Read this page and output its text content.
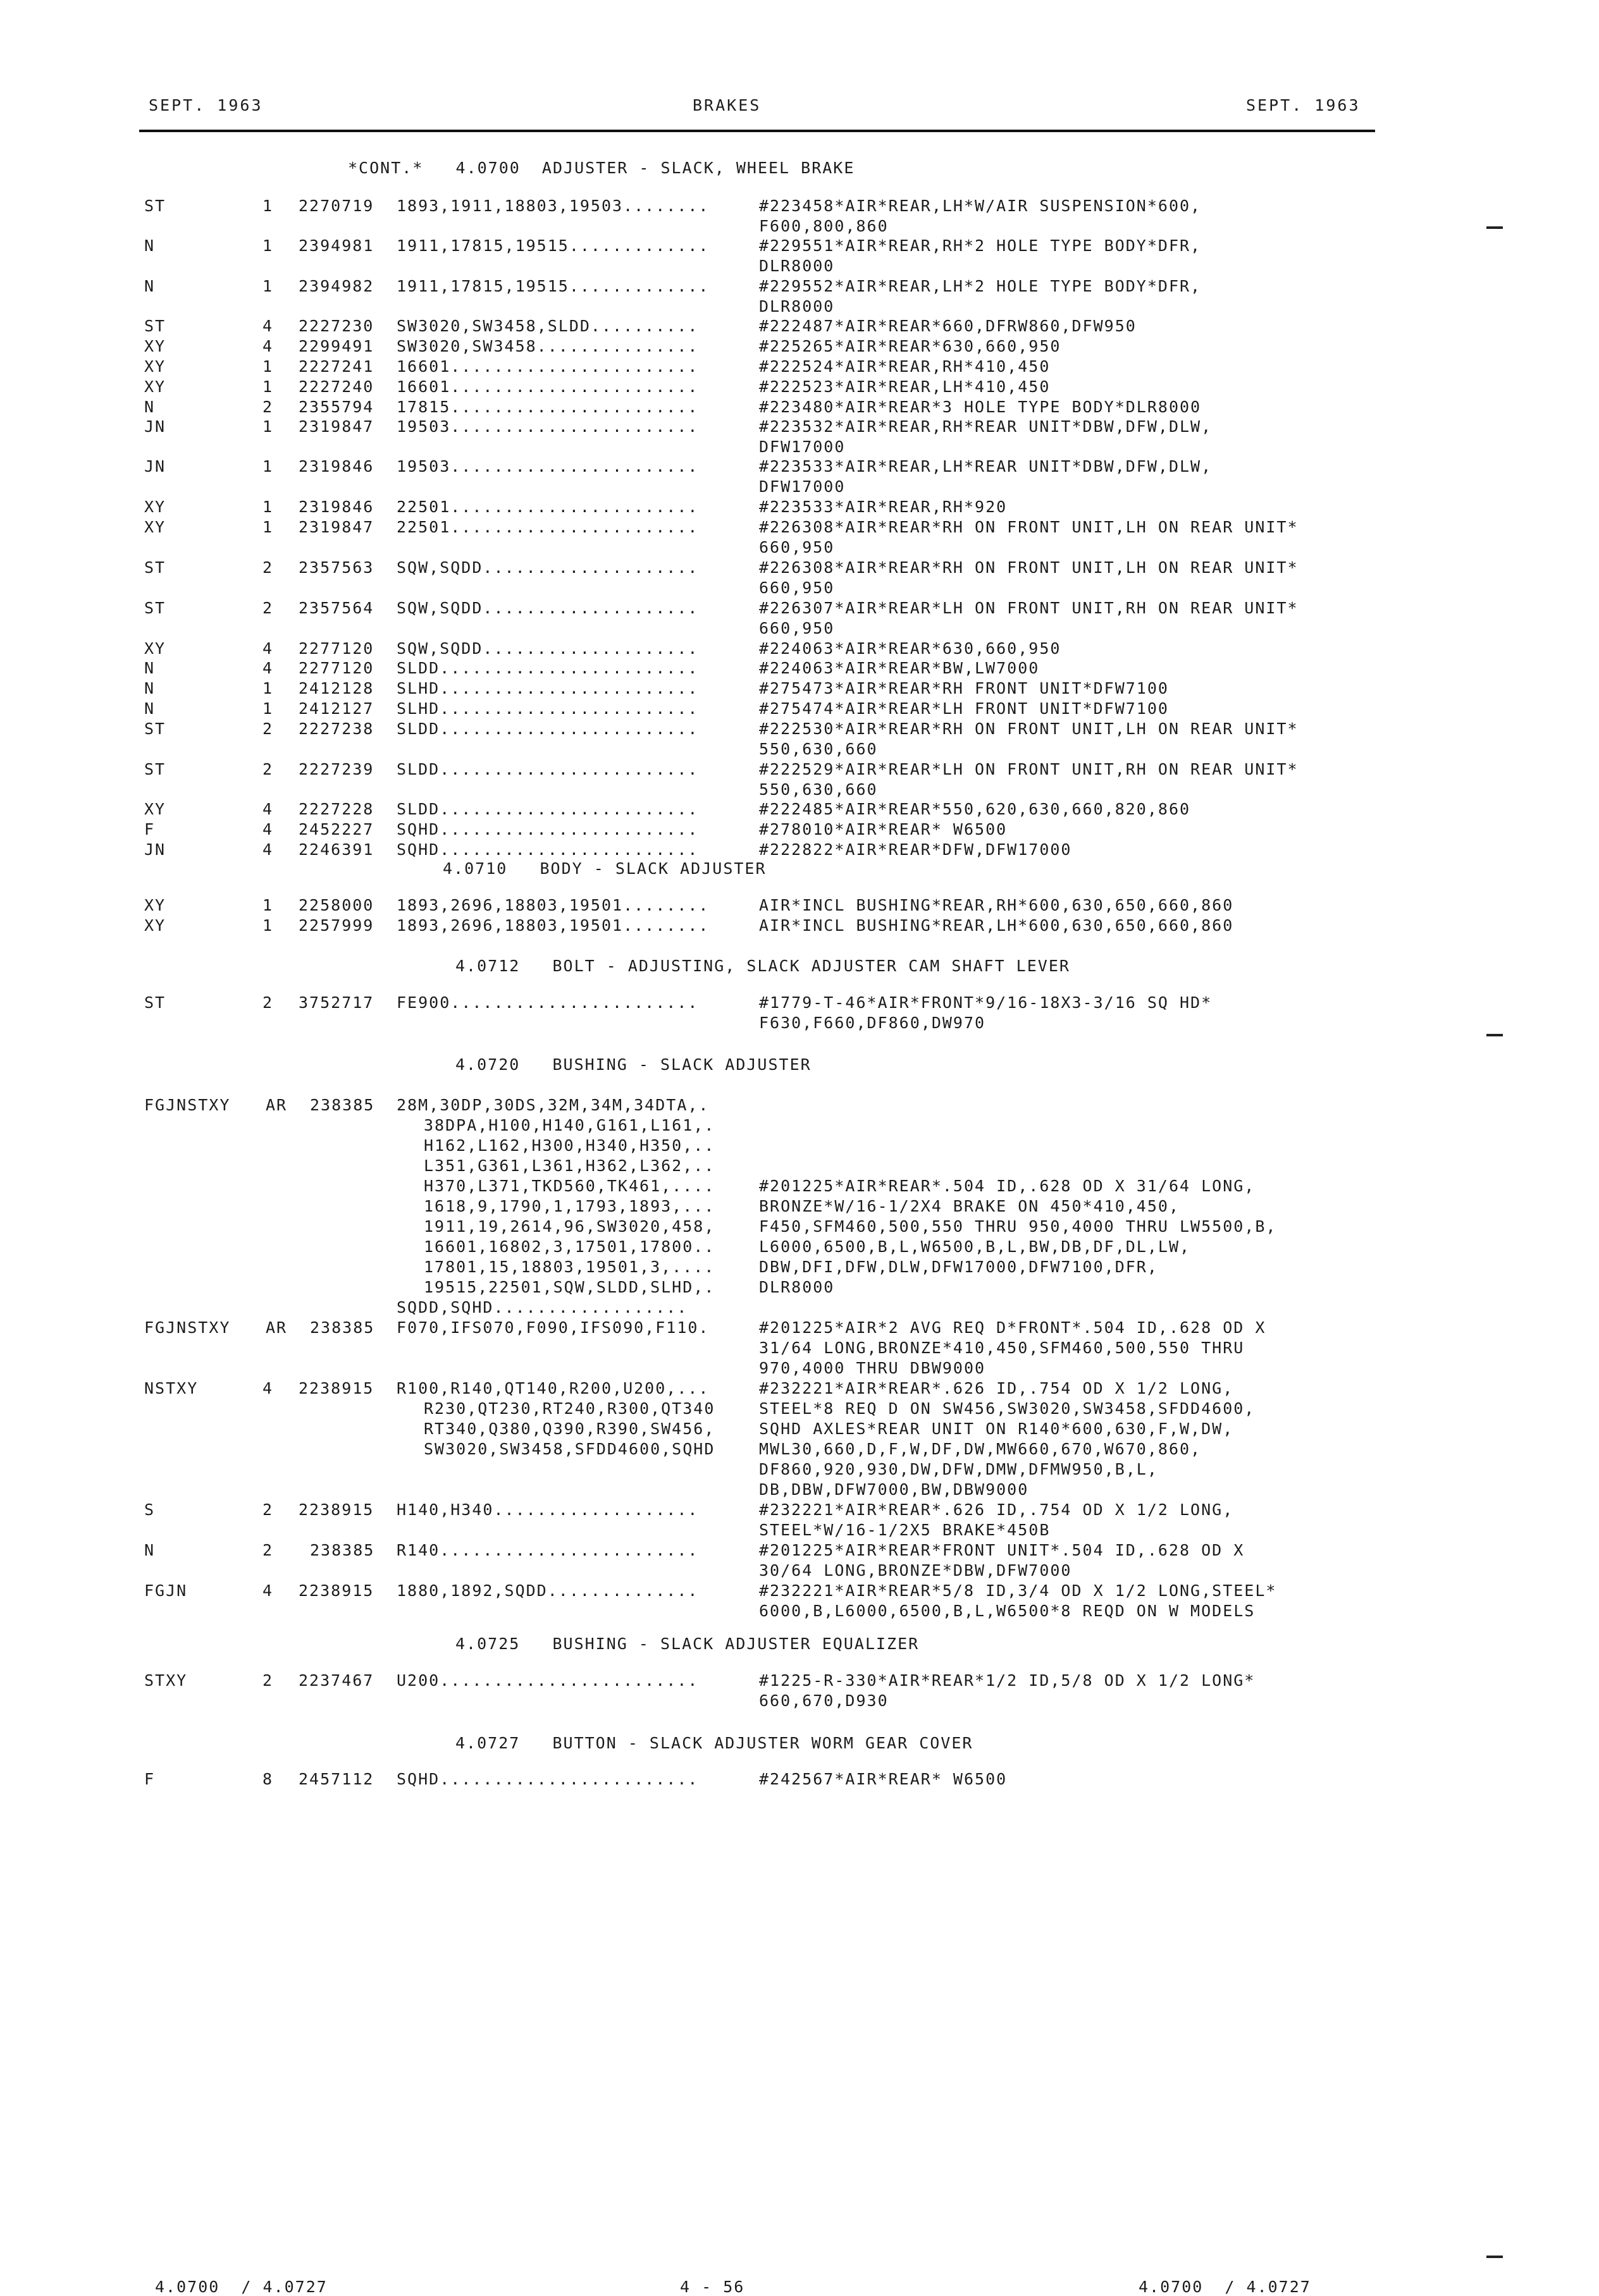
SEPT. 1963	BRAKES	SEPT. 1963
*CONT.*   4.0700  ADJUSTER - SLACK, WHEEL BRAKE
4.0710   BODY - SLACK ADJUSTER
4.0712   BOLT - ADJUSTING, SLACK ADJUSTER CAM SHAFT LEVER
4.0720   BUSHING - SLACK ADJUSTER
4.0725   BUSHING - SLACK ADJUSTER EQUALIZER
4.0727   BUTTON - SLACK ADJUSTER WORM GEAR COVER
ST	1 2270719 1893,1911,18803,19503........	#223458*AIR*REAR,LH*W/AIR SUSPENSION*600,
F600,800,860
N	1 2394981 1911,17815,19515.............	#229551*AIR*REAR,RH*2 HOLE TYPE BODY*DFR,
DLR8000
N	1 2394982 1911,17815,19515.............	#229552*AIR*REAR,LH*2 HOLE TYPE BODY*DFR,
DLR8000
ST	4 2227230 SW3020,SW3458,SLDD..........	#222487*AIR*REAR*660,DFRW860,DFW950
XY	4 2299491 SW3020,SW3458...............	#225265*AIR*REAR*630,660,950
XY	1 2227241 16601.......................	#222524*AIR*REAR,RH*410,450
XY	1 2227240 16601.......................	#222523*AIR*REAR,LH*410,450
N	2 2355794 17815.......................	#223480*AIR*REAR*3 HOLE TYPE BODY*DLR8000
JN	1 2319847 19503.......................	#223532*AIR*REAR,RH*REAR UNIT*DBW,DFW,DLW,
DFW17000
JN	1 2319846 19503.......................	#223533*AIR*REAR,LH*REAR UNIT*DBW,DFW,DLW,
DFW17000
XY	1 2319846 22501.......................	#223533*AIR*REAR,RH*920
XY	1 2319847 22501.......................	#226308*AIR*REAR*RH ON FRONT UNIT,LH ON REAR UNIT*
660,950
ST	2 2357563 SQW,SQDD....................	#226308*AIR*REAR*RH ON FRONT UNIT,LH ON REAR UNIT*
660,950
ST	2 2357564 SQW,SQDD....................	#226307*AIR*REAR*LH ON FRONT UNIT,RH ON REAR UNIT*
660,950
XY	4 2277120 SQW,SQDD....................	#224063*AIR*REAR*630,660,950
N	4 2277120 SLDD........................	#224063*AIR*REAR*BW,LW7000
N	1 2412128 SLHD........................	#275473*AIR*REAR*RH FRONT UNIT*DFW7100
N	1 2412127 SLHD........................	#275474*AIR*REAR*LH FRONT UNIT*DFW7100
ST	2 2227238 SLDD........................	#222530*AIR*REAR*RH ON FRONT UNIT,LH ON REAR UNIT*
550,630,660
ST	2 2227239 SLDD........................	#222529*AIR*REAR*LH ON FRONT UNIT,RH ON REAR UNIT*
550,630,660
XY	4 2227228 SLDD........................	#222485*AIR*REAR*550,620,630,660,820,860
F	4 2452227 SQHD........................	#278010*AIR*REAR* W6500
JN	4 2246391 SQHD........................	#222822*AIR*REAR*DFW,DFW17000
XY	1 2258000 1893,2696,18803,19501........	AIR*INCL BUSHING*REAR,RH*600,630,650,660,860
XY	1 2257999 1893,2696,18803,19501........	AIR*INCL BUSHING*REAR,LH*600,630,650,660,860
ST	2 3752717 FE900.......................	#1779-T-46*AIR*FRONT*9/16-18X3-3/16 SQ HD*
F630,F660,DF860,DW970
FGJNSTXY AR 238385 28M,30DP,30DS,32M,34M,34DTA,.
38DPA,H100,H140,G161,L161,.
H162,L162,H300,H340,H350,..
L351,G361,L361,H362,L362,..
H370,L371,TKD560,TK461,....	#201225*AIR*REAR*.504 ID,.628 OD X 31/64 LONG,
1618,9,1790,1,1793,1893,...	BRONZE*W/16-1/2X4 BRAKE ON 450*410,450,
1911,19,2614,96,SW3020,458,	F450,SFM460,500,550 THRU 950,4000 THRU LW5500,B,
16601,16802,3,17501,17800..	L6000,6500,B,L,W6500,B,L,BW,DB,DF,DL,LW,
17801,15,18803,19501,3,....	DBW,DFI,DFW,DLW,DFW17000,DFW7100,DFR,
19515,22501,SQW,SLDD,SLHD,.	DLR8000
SQDD,SQHD..................
FGJNSTXY AR 238385 F070,IFS070,F090,IFS090,F110.	#201225*AIR*2 AVG REQ D*FRONT*.504 ID,.628 OD X
31/64 LONG,BRONZE*410,450,SFM460,500,550 THRU
970,4000 THRU DBW9000
NSTXY	4 2238915 R100,R140,QT140,R200,U200,...	#232221*AIR*REAR*.626 ID,.754 OD X 1/2 LONG,
R230,QT230,RT240,R300,QT340	STEEL*8 REQ D ON SW456,SW3020,SW3458,SFDD4600,
RT340,Q380,Q390,R390,SW456,	SQHD AXLES*REAR UNIT ON R140*600,630,F,W,DW,
SW3020,SW3458,SFDD4600,SQHD	MWL30,660,D,F,W,DF,DW,MW660,670,W670,860,
DF860,920,930,DW,DFW,DMW,DFMW950,B,L,
DB,DBW,DFW7000,BW,DBW9000
S	2 2238915 H140,H340...................	#232221*AIR*REAR*.626 ID,.754 OD X 1/2 LONG,
STEEL*W/16-1/2X5 BRAKE*450B
N	2 238385 R140........................	#201225*AIR*REAR*FRONT UNIT*.504 ID,.628 OD X
30/64 LONG,BRONZE*DBW,DFW7000
FGJN	4 2238915 1880,1892,SQDD..............	#232221*AIR*REAR*5/8 ID,3/4 OD X 1/2 LONG,STEEL*
6000,B,L6000,6500,B,L,W6500*8 REQD ON W MODELS
STXY	2 2237467 U200........................	#1225-R-330*AIR*REAR*1/2 ID,5/8 OD X 1/2 LONG*
660,670,D930
F	8 2457112 SQHD........................	#242567*AIR*REAR* W6500
4.0700  / 4.0727	4 - 56	4.0700  / 4.0727
